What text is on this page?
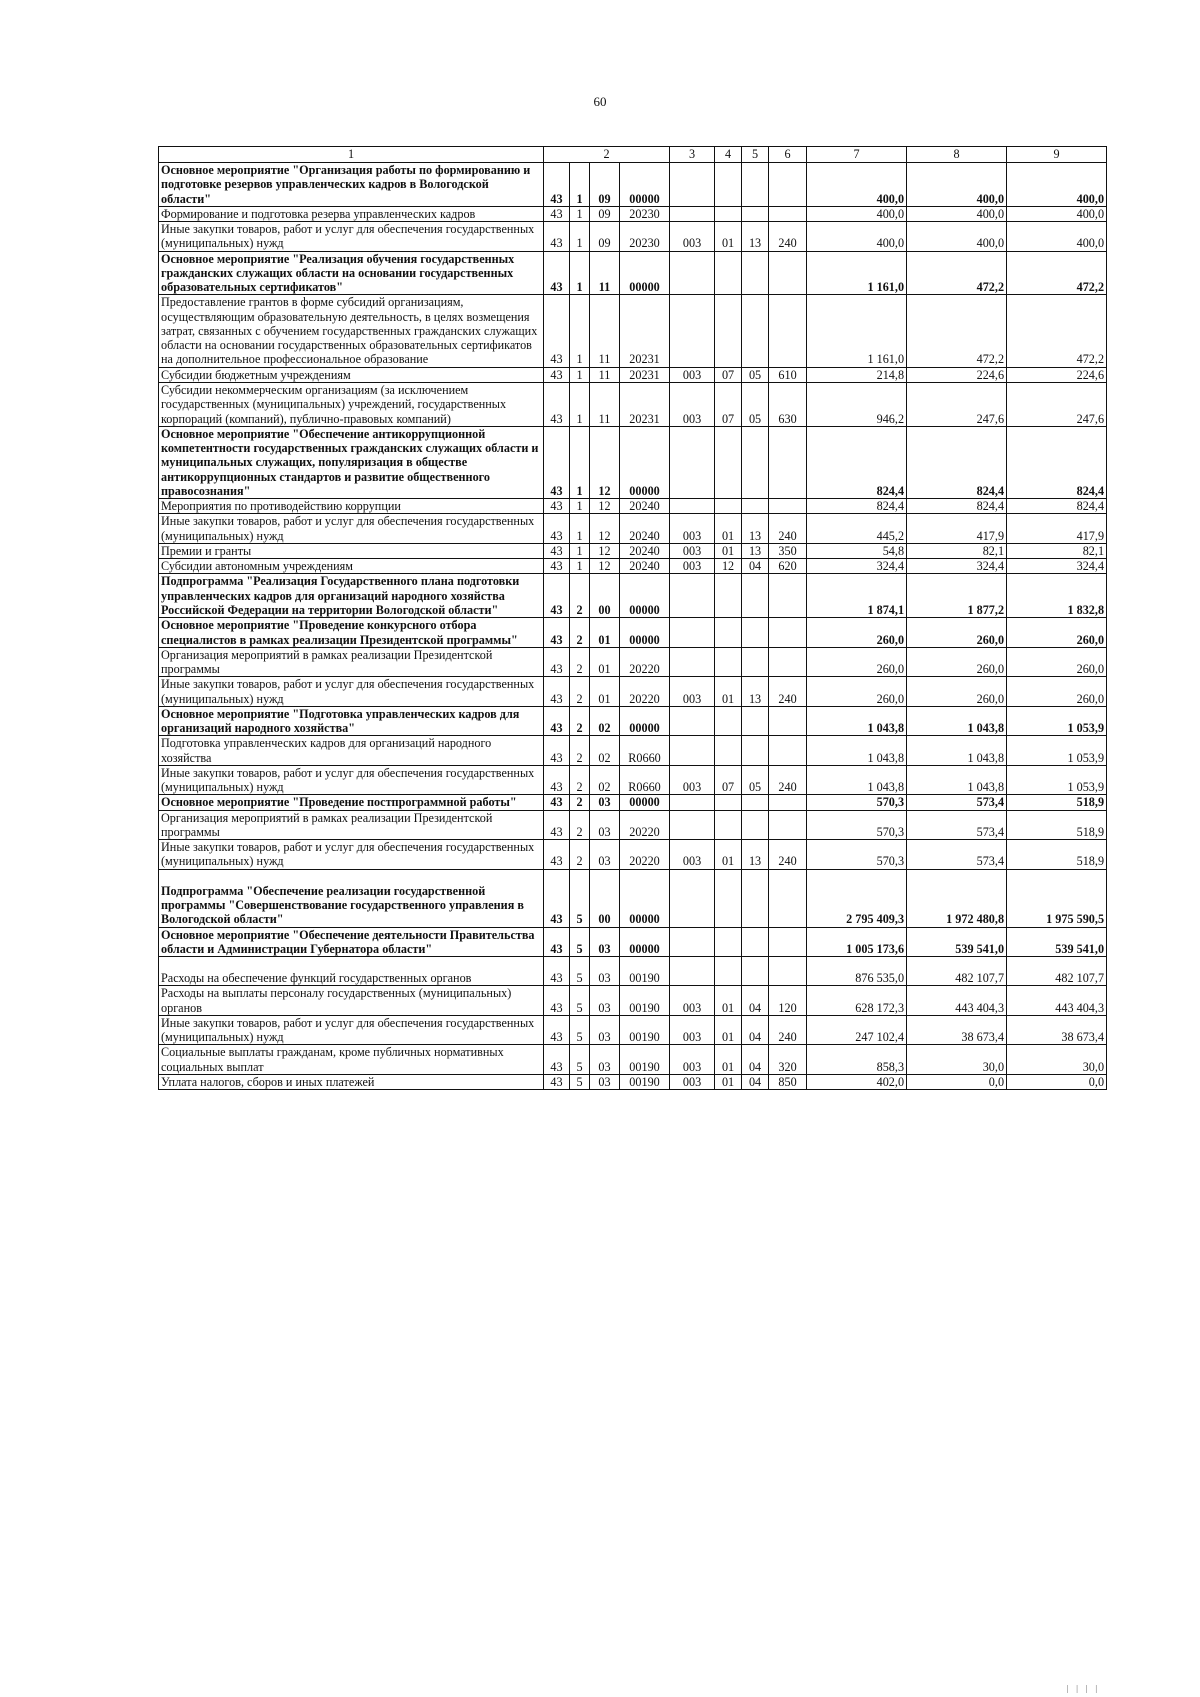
60
1	2				3	4	5	6	7	8	9
Основное мероприятие "Организация работы по формированию и подготовке резервов управленческих кадров в Вологодской области"	43	1	09	00000					400,0	400,0	400,0
Формирование и подготовка резерва управленческих кадров	43	1	09	20230					400,0	400,0	400,0
Иные закупки товаров, работ и услуг для обеспечения государственных (муниципальных) нужд	43	1	09	20230	003	01	13	240	400,0	400,0	400,0
Основное мероприятие "Реализация обучения государственных гражданских служащих области на основании государственных образовательных сертификатов"	43	1	11	00000					1 161,0	472,2	472,2
Предоставление грантов в форме субсидий организациям, осуществляющим образовательную деятельность, в целях возмещения затрат, связанных с обучением государственных гражданских служащих области на основании государственных образовательных сертификатов на дополнительное профессиональное образование	43	1	11	20231					1 161,0	472,2	472,2
Субсидии бюджетным учреждениям	43	1	11	20231	003	07	05	610	214,8	224,6	224,6
Субсидии некоммерческим организациям (за исключением государственных (муниципальных) учреждений, государственных корпораций (компаний), публично-правовых компаний)	43	1	11	20231	003	07	05	630	946,2	247,6	247,6
Основное мероприятие "Обеспечение антикоррупционной компетентности государственных гражданских служащих области и муниципальных служащих, популяризация в обществе антикоррупционных стандартов и развитие общественного правосознания"	43	1	12	00000					824,4	824,4	824,4
Мероприятия по противодействию коррупции	43	1	12	20240					824,4	824,4	824,4
Иные закупки товаров, работ и услуг для обеспечения государственных (муниципальных) нужд	43	1	12	20240	003	01	13	240	445,2	417,9	417,9
Премии и гранты	43	1	12	20240	003	01	13	350	54,8	82,1	82,1
Субсидии автономным учреждениям	43	1	12	20240	003	12	04	620	324,4	324,4	324,4
Подпрограмма "Реализация Государственного плана подготовки управленческих кадров для организаций народного хозяйства Российской Федерации на территории Вологодской области"	43	2	00	00000					1 874,1	1 877,2	1 832,8
Основное мероприятие "Проведение конкурсного отбора специалистов в рамках реализации Президентской программы"	43	2	01	00000					260,0	260,0	260,0
Организация мероприятий в рамках реализации Президентской программы	43	2	01	20220					260,0	260,0	260,0
Иные закупки товаров, работ и услуг для обеспечения государственных (муниципальных) нужд	43	2	01	20220	003	01	13	240	260,0	260,0	260,0
Основное мероприятие "Подготовка управленческих кадров для организаций народного хозяйства"	43	2	02	00000					1 043,8	1 043,8	1 053,9
Подготовка управленческих кадров для организаций народного хозяйства	43	2	02	R0660					1 043,8	1 043,8	1 053,9
Иные закупки товаров, работ и услуг для обеспечения государственных (муниципальных) нужд	43	2	02	R0660	003	07	05	240	1 043,8	1 043,8	1 053,9
Основное мероприятие "Проведение постпрограммной работы"	43	2	03	00000					570,3	573,4	518,9
Организация мероприятий в рамках реализации Президентской программы	43	2	03	20220					570,3	573,4	518,9
Иные закупки товаров, работ и услуг для обеспечения государственных (муниципальных) нужд	43	2	03	20220	003	01	13	240	570,3	573,4	518,9
Подпрограмма "Обеспечение реализации государственной программы "Совершенствование государственного управления в Вологодской области"	43	5	00	00000					2 795 409,3	1 972 480,8	1 975 590,5
Основное мероприятие "Обеспечение деятельности Правительства области и Администрации Губернатора области"	43	5	03	00000					1 005 173,6	539 541,0	539 541,0
Расходы на обеспечение функций государственных органов	43	5	03	00190					876 535,0	482 107,7	482 107,7
Расходы на выплаты персоналу государственных (муниципальных) органов	43	5	03	00190	003	01	04	120	628 172,3	443 404,3	443 404,3
Иные закупки товаров, работ и услуг для обеспечения государственных (муниципальных) нужд	43	5	03	00190	003	01	04	240	247 102,4	38 673,4	38 673,4
Социальные выплаты гражданам, кроме публичных нормативных социальных выплат	43	5	03	00190	003	01	04	320	858,3	30,0	30,0
Уплата налогов, сборов и иных платежей	43	5	03	00190	003	01	04	850	402,0	0,0	0,0
| | | |
